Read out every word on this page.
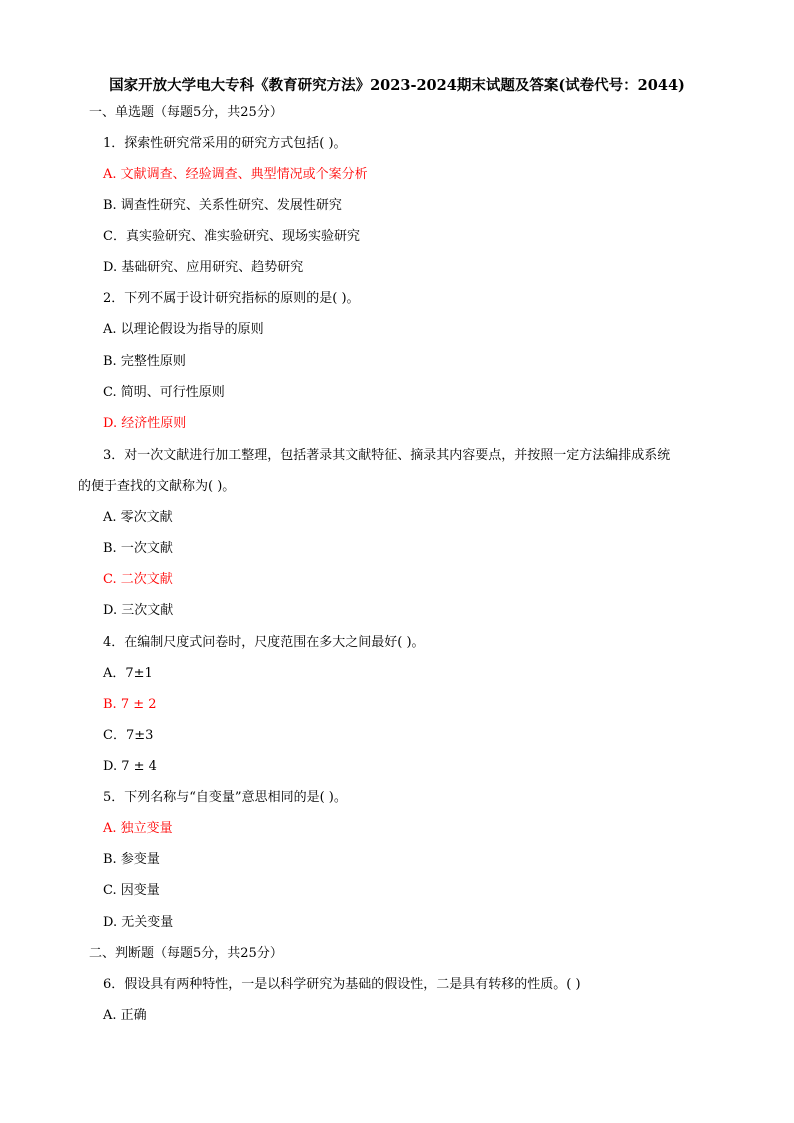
国家开放大学电大专科《教育研究方法》2023-2024期末试题及答案(试卷代号：2044)
一、单选题（每题5分，共25分）
1．探索性研究常采用的研究方式包括( )。
A. 文献调查、经验调查、典型情况或个案分析
B. 调查性研究、关系性研究、发展性研究
C．真实验研究、准实验研究、现场实验研究
D. 基础研究、应用研究、趋势研究
2．下列不属于设计研究指标的原则的是( )。
A. 以理论假设为指导的原则
B. 完整性原则
C. 简明、可行性原则
D. 经济性原则
3．对一次文献进行加工整理，包括著录其文献特征、摘录其内容要点，并按照一定方法编排成系统
的便于查找的文献称为( )。
A. 零次文献
B. 一次文献
C. 二次文献
D. 三次文献
4．在编制尺度式问卷时，尺度范围在多大之间最好( )。
A．7±1
B. 7 ± 2
C．7±3
D. 7 ± 4
5．下列名称与“自变量”意思相同的是( )。
A. 独立变量
B. 参变量
C. 因变量
D. 无关变量
二、判断题（每题5分，共25分）
6．假设具有两种特性，一是以科学研究为基础的假设性，二是具有转移的性质。( )
A. 正确
